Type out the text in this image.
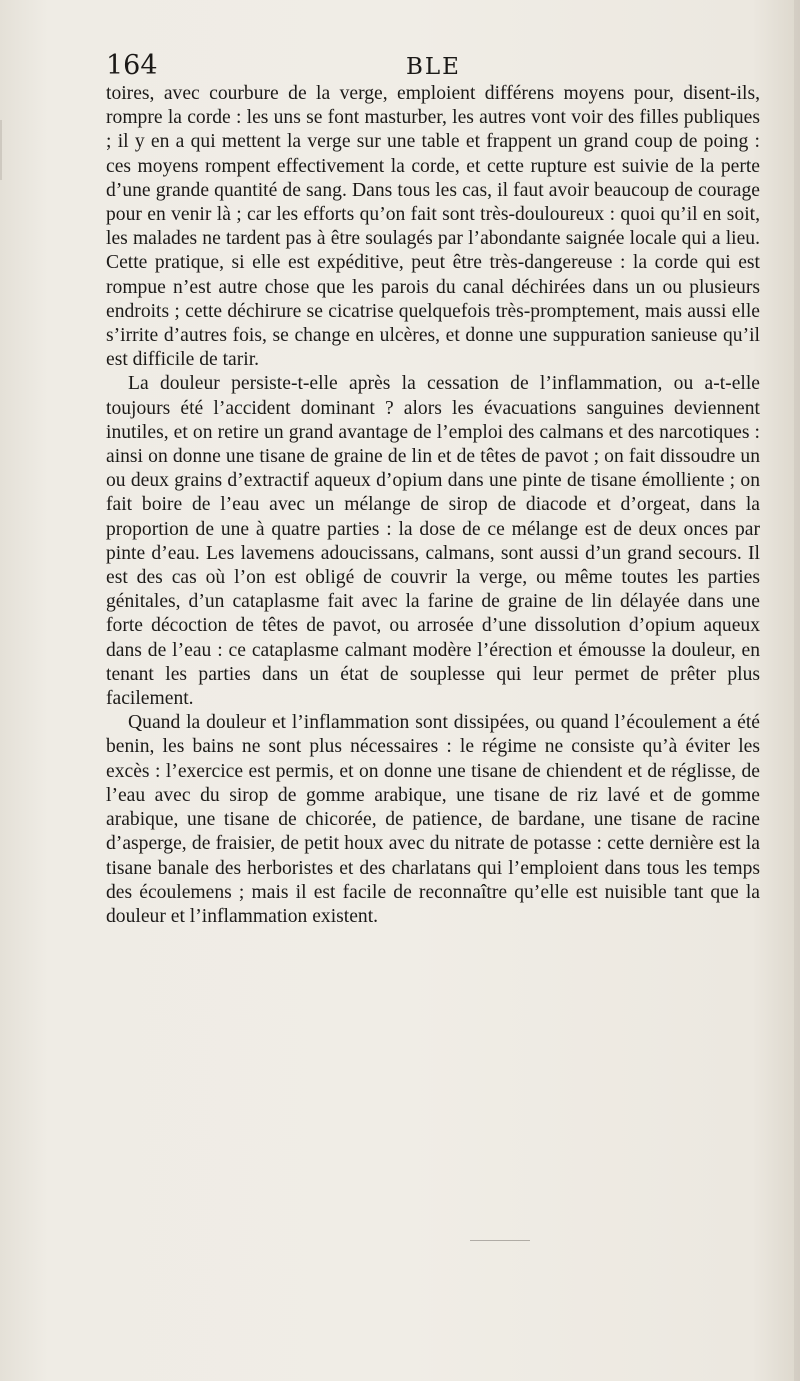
164	BLE

toires, avec courbure de la verge, emploient différens moyens pour, disent-ils, rompre la corde : les uns se font masturber, les autres vont voir des filles publiques ; il y en a qui mettent la verge sur une table et frappent un grand coup de poing : ces moyens rompent effectivement la corde, et cette rupture est suivie de la perte d’une grande quantité de sang. Dans tous les cas, il faut avoir beaucoup de courage pour en venir là ; car les efforts qu’on fait sont très-douloureux : quoi qu’il en soit, les malades ne tardent pas à être soulagés par l’abondante saignée locale qui a lieu. Cette pratique, si elle est expéditive, peut être très-dangereuse : la corde qui est rompue n’est autre chose que les parois du canal déchirées dans un ou plusieurs endroits ; cette déchirure se cicatrise quelquefois très-promptement, mais aussi elle s’irrite d’autres fois, se change en ulcères, et donne une suppuration sanieuse qu’il est difficile de tarir.

La douleur persiste-t-elle après la cessation de l’inflammation, ou a-t-elle toujours été l’accident dominant ? alors les évacuations sanguines deviennent inutiles, et on retire un grand avantage de l’emploi des calmans et des narcotiques : ainsi on donne une tisane de graine de lin et de têtes de pavot ; on fait dissoudre un ou deux grains d’extractif aqueux d’opium dans une pinte de tisane émolliente ; on fait boire de l’eau avec un mélange de sirop de diacode et d’orgeat, dans la proportion de une à quatre parties : la dose de ce mélange est de deux onces par pinte d’eau. Les lavemens adoucissans, calmans, sont aussi d’un grand secours. Il est des cas où l’on est obligé de couvrir la verge, ou même toutes les parties génitales, d’un cataplasme fait avec la farine de graine de lin délayée dans une forte décoction de têtes de pavot, ou arrosée d’une dissolution d’opium aqueux dans de l’eau : ce cataplasme calmant modère l’érection et émousse la douleur, en tenant les parties dans un état de souplesse qui leur permet de prêter plus facilement.

Quand la douleur et l’inflammation sont dissipées, ou quand l’écoulement a été benin, les bains ne sont plus nécessaires : le régime ne consiste qu’à éviter les excès : l’exercice est permis, et on donne une tisane de chiendent et de réglisse, de l’eau avec du sirop de gomme arabique, une tisane de riz lavé et de gomme arabique, une tisane de chicorée, de patience, de bardane, une tisane de racine d’asperge, de fraisier, de petit houx avec du nitrate de potasse : cette dernière est la tisane banale des herboristes et des charlatans qui l’emploient dans tous les temps des écoulemens ; mais il est facile de reconnaître qu’elle est nuisible tant que la douleur et l’inflammation existent.
